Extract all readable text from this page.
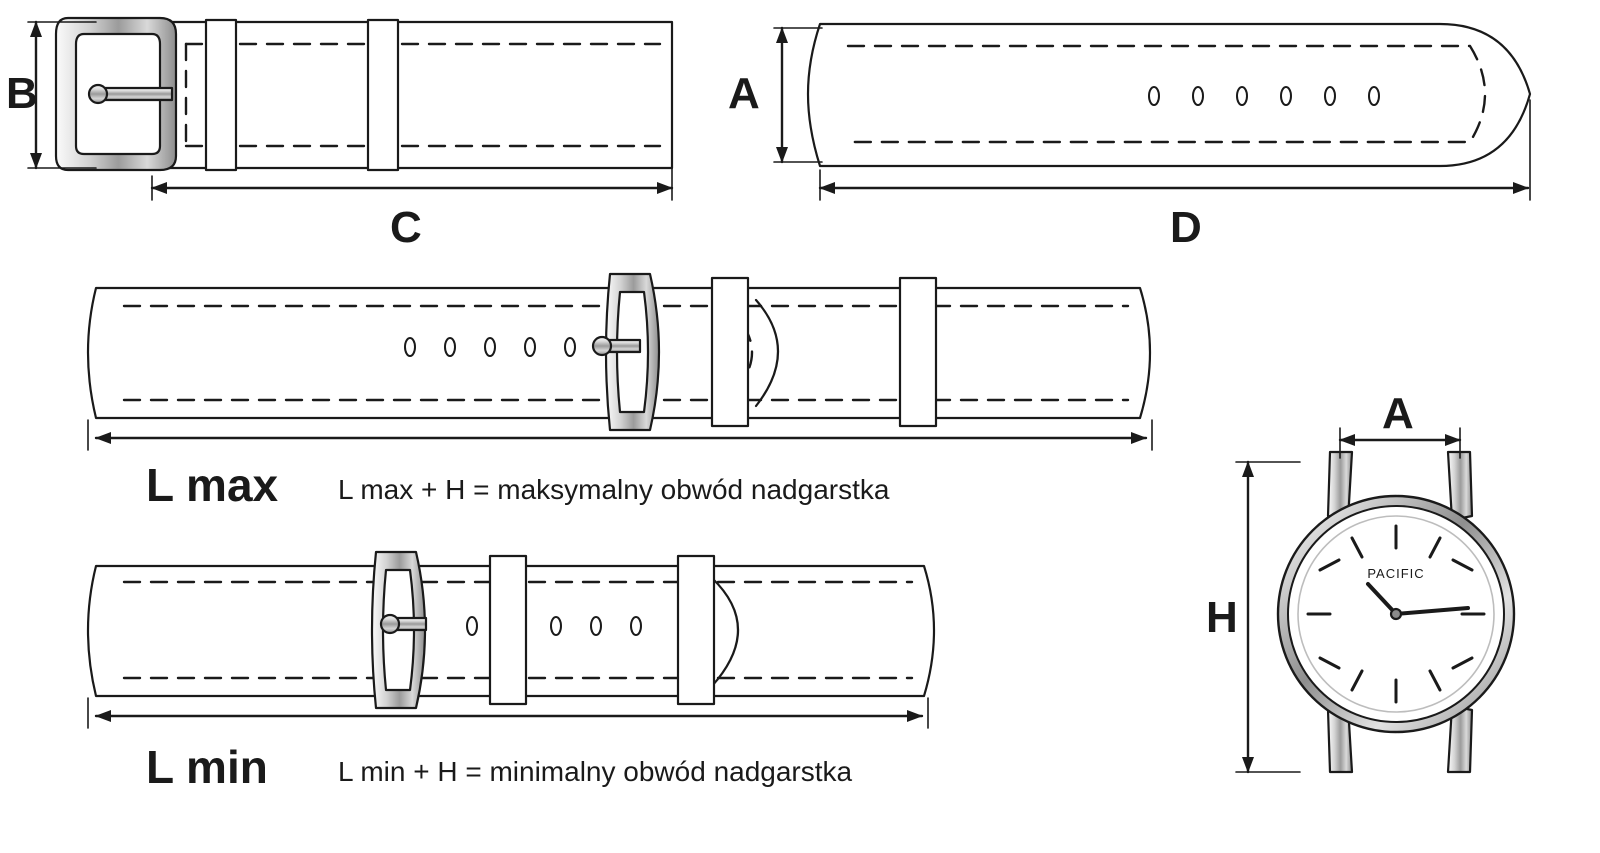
PACIFIC
B
C
A
D
L max L max + H = maksymalny obwód nadgarstka
L min	L min + H = minimalny obwód nadgarstka
A
H
